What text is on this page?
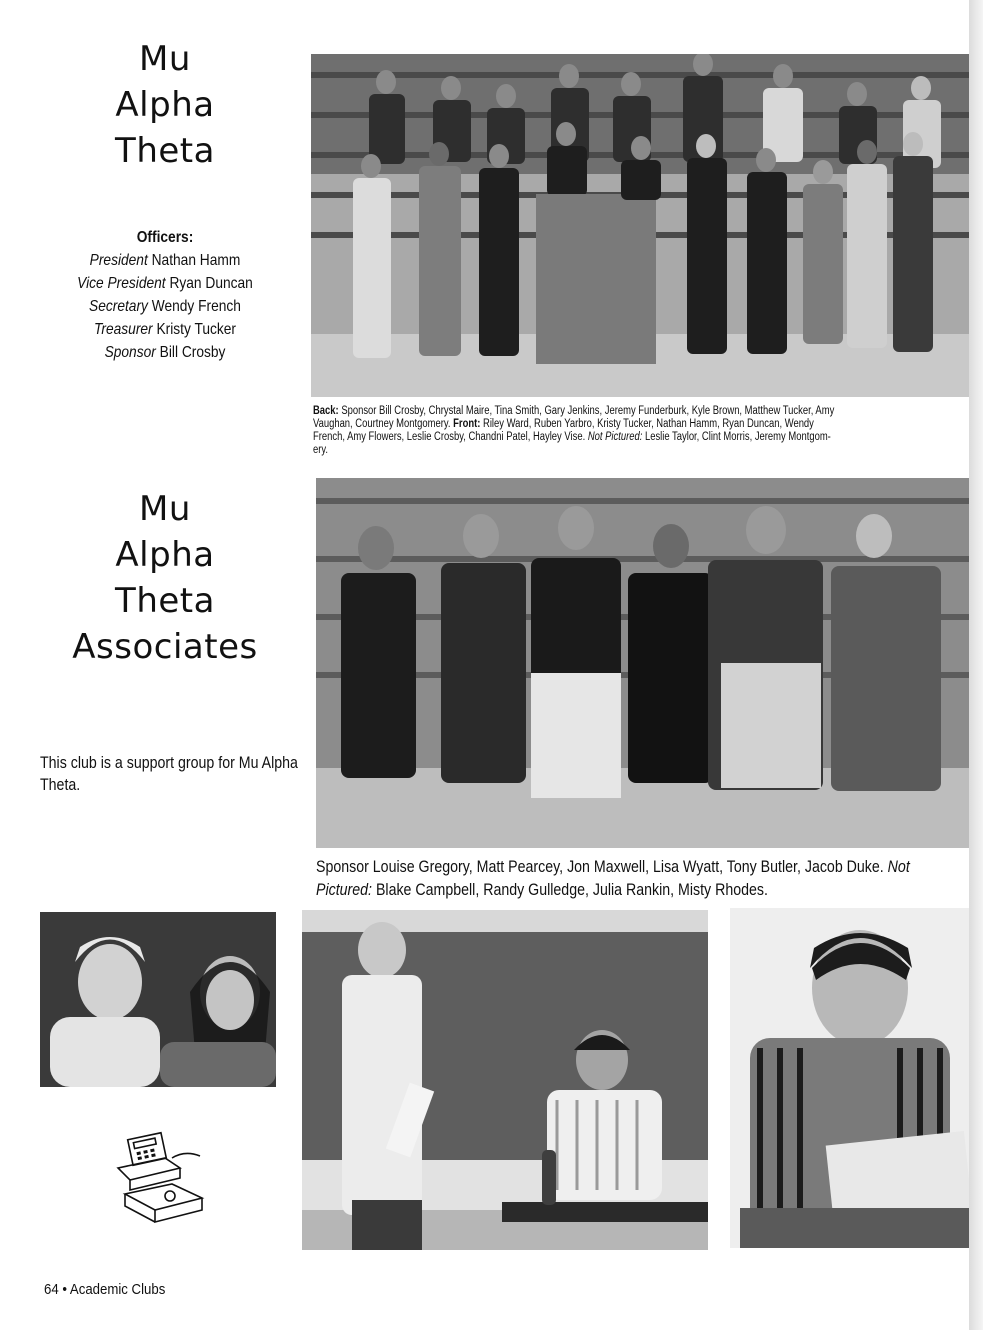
Mu
Alpha
Theta
Officers:
President Nathan Hamm
Vice President Ryan Duncan
Secretary Wendy French
Treasurer Kristy Tucker
Sponsor Bill Crosby
Back: Sponsor Bill Crosby, Chrystal Maire, Tina Smith, Gary Jenkins, Jeremy Funderburk, Kyle Brown, Matthew Tucker, Amy
Vaughan, Courtney Montgomery. Front: Riley Ward, Ruben Yarbro, Kristy Tucker, Nathan Hamm, Ryan Duncan, Wendy
French, Amy Flowers, Leslie Crosby, Chandni Patel, Hayley Vise. Not Pictured: Leslie Taylor, Clint Morris, Jeremy Montgom-
ery.
Mu
Alpha
Theta
Associates
This club is a support group for Mu Alpha Theta.
Sponsor Louise Gregory, Matt Pearcey, Jon Maxwell, Lisa Wyatt, Tony Butler, Jacob Duke. Not
Pictured: Blake Campbell, Randy Gulledge, Julia Rankin, Misty Rhodes.
64 • Academic Clubs
